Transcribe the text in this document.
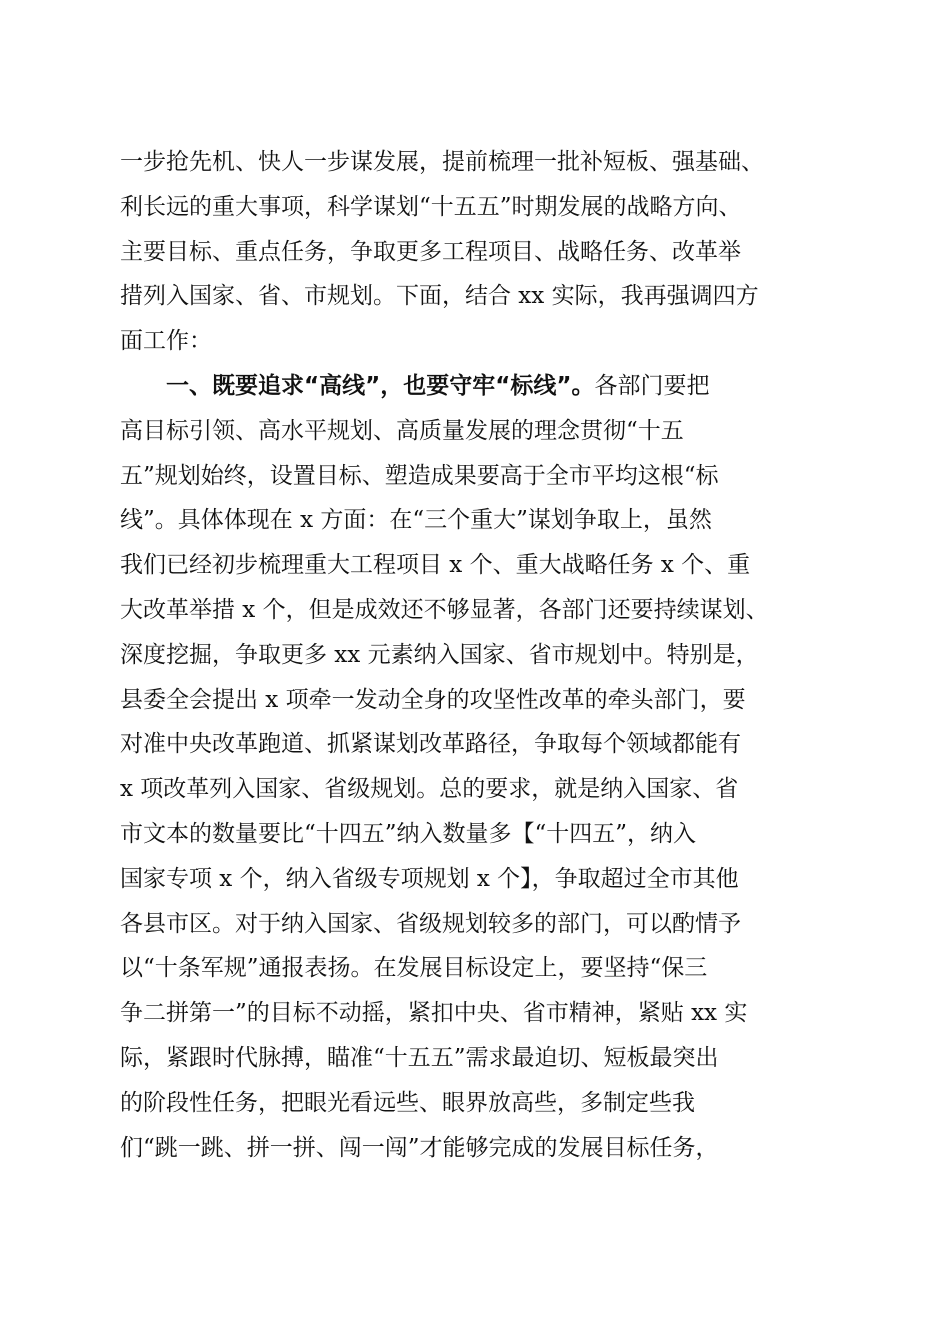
一步抢先机、快人一步谋发展，提前梳理一批补短板、强基础、
利长远的重大事项，科学谋划“十五五”时期发展的战略方向、
主要目标、重点任务，争取更多工程项目、战略任务、改革举
措列入国家、省、市规划。下面，结合 xx 实际，我再强调四方
面工作：
一、既要追求“高线”，也要守牢“标线”。各部门要把
高目标引领、高水平规划、高质量发展的理念贯彻“十五
五”规划始终，设置目标、塑造成果要高于全市平均这根“标
线”。具体体现在 x 方面：在“三个重大”谋划争取上，虽然
我们已经初步梳理重大工程项目 x 个、重大战略任务 x 个、重
大改革举措 x 个，但是成效还不够显著，各部门还要持续谋划、
深度挖掘，争取更多 xx 元素纳入国家、省市规划中。特别是，
县委全会提出 x 项牵一发动全身的攻坚性改革的牵头部门，要
对准中央改革跑道、抓紧谋划改革路径，争取每个领域都能有
x 项改革列入国家、省级规划。总的要求，就是纳入国家、省
市文本的数量要比“十四五”纳入数量多【“十四五”，纳入
国家专项 x 个，纳入省级专项规划 x 个】，争取超过全市其他
各县市区。对于纳入国家、省级规划较多的部门，可以酌情予
以“十条军规”通报表扬。在发展目标设定上，要坚持“保三
争二拼第一”的目标不动摇，紧扣中央、省市精神，紧贴 xx 实
际，紧跟时代脉搏，瞄准“十五五”需求最迫切、短板最突出
的阶段性任务，把眼光看远些、眼界放高些，多制定些我
们“跳一跳、拼一拼、闯一闯”才能够完成的发展目标任务，
